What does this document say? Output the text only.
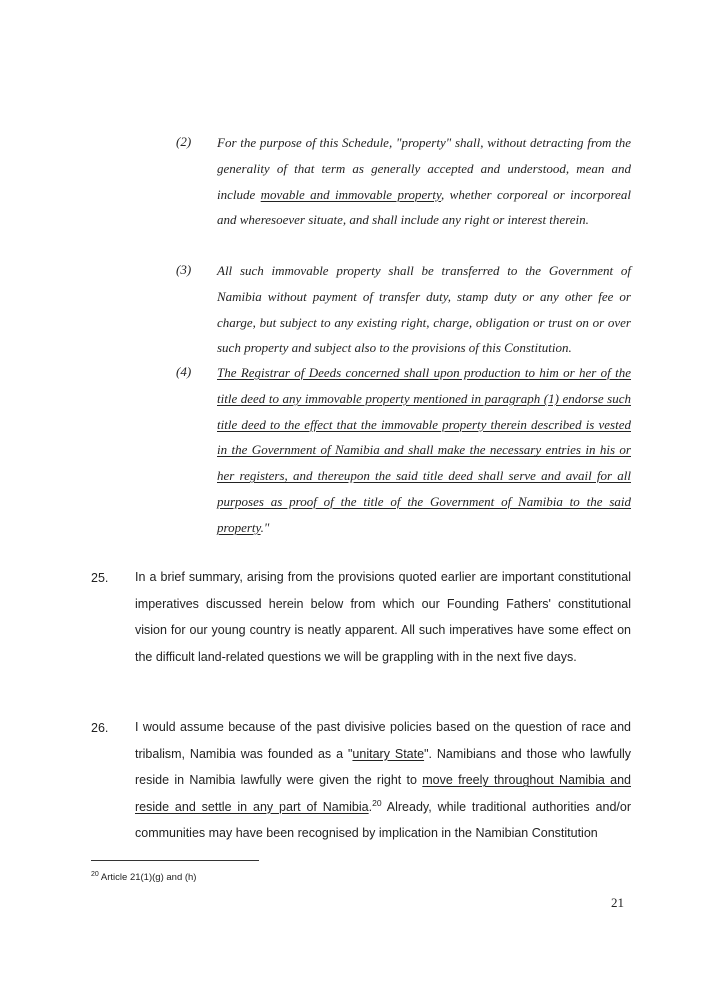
(2) For the purpose of this Schedule, "property" shall, without detracting from the generality of that term as generally accepted and understood, mean and include movable and immovable property, whether corporeal or incorporeal and wheresoever situate, and shall include any right or interest therein.

(3) All such immovable property shall be transferred to the Government of Namibia without payment of transfer duty, stamp duty or any other fee or charge, but subject to any existing right, charge, obligation or trust on or over such property and subject also to the provisions of this Constitution.

(4) The Registrar of Deeds concerned shall upon production to him or her of the title deed to any immovable property mentioned in paragraph (1) endorse such title deed to the effect that the immovable property therein described is vested in the Government of Namibia and shall make the necessary entries in his or her registers, and thereupon the said title deed shall serve and avail for all purposes as proof of the title of the Government of Namibia to the said property."

25. In a brief summary, arising from the provisions quoted earlier are important constitutional imperatives discussed herein below from which our Founding Fathers' constitutional vision for our young country is neatly apparent. All such imperatives have some effect on the difficult land-related questions we will be grappling with in the next five days.

26. I would assume because of the past divisive policies based on the question of race and tribalism, Namibia was founded as a "unitary State". Namibians and those who lawfully reside in Namibia lawfully were given the right to move freely throughout Namibia and reside and settle in any part of Namibia.$^{20}$ Already, while traditional authorities and/or communities may have been recognised by implication in the Namibian Constitution

$^{20}$ Article 21(1)(g) and (h)
21
